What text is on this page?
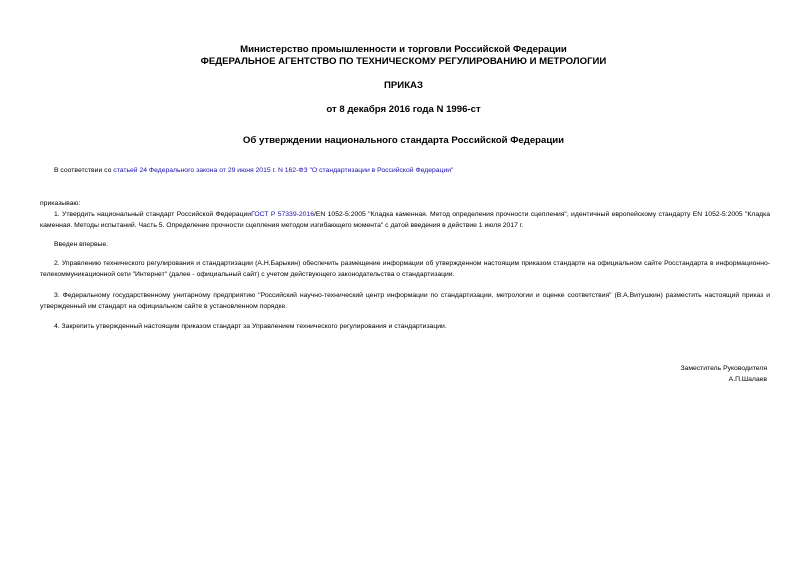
Министерство промышленности и торговли Российской Федерации
ФЕДЕРАЛЬНОЕ АГЕНТСТВО ПО ТЕХНИЧЕСКОМУ РЕГУЛИРОВАНИЮ И МЕТРОЛОГИИ
ПРИКАЗ
от 8 декабря 2016 года N 1996-ст
Об утверждении национального стандарта Российской Федерации
В соответствии со статьей 24 Федерального закона от 29 июня 2015 г. N 162-ФЗ "О стандартизации в Российской Федерации"
приказываю:
1. Утвердить национальный стандарт Российской ФедерацииГОСТ Р 57339-2016/EN 1052-5:2005 "Кладка каменная. Метод определения прочности сцепления", идентичный европейскому стандарту EN 1052-5:2005 "Кладка каменная. Методы испытаний. Часть 5. Определение прочности сцепления методом изгибающего момента" с датой введения в действие 1 июля 2017 г.
Введен впервые.
2. Управлению технического регулирования и стандартизации (А.Н.Барыкин) обеспечить размещение информации об утвержденном настоящим приказом стандарте на официальном сайте Росстандарта в информационно-телекоммуникационной сети "Интернет" (далее - официальный сайт) с учетом действующего законодательства о стандартизации.
3. Федеральному государственному унитарному предприятию "Российский научно-технический центр информации по стандартизации, метрологии и оценке соответствия" (В.А.Витушкин) разместить настоящий приказ и утвержденный им стандарт на официальном сайте в установленном порядке.
4. Закрепить утвержденный настоящим приказом стандарт за Управлением технического регулирования и стандартизации.
Заместитель Руководителя
А.П.Шалаев
